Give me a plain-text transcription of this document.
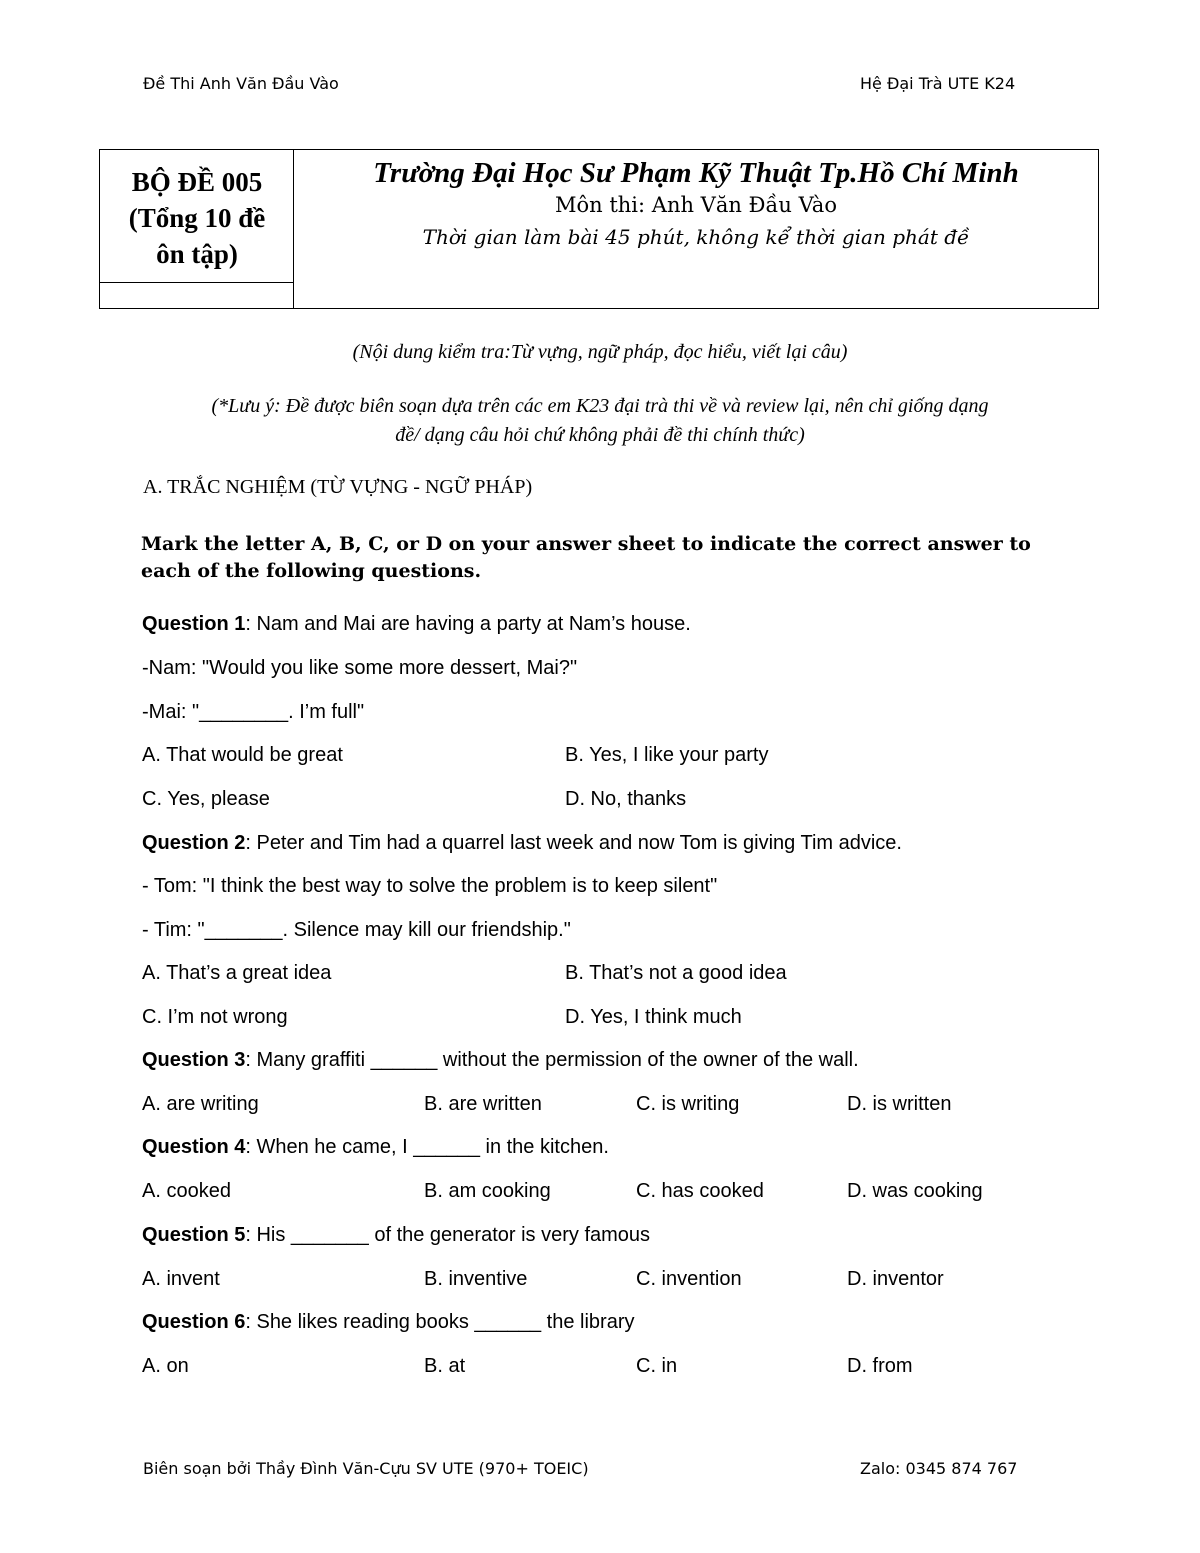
Đề Thi Anh Văn Đầu Vào	Hệ Đại Trà UTE K24
BỘ ĐỀ 005
(Tổng 10 đề
ôn tập)
Trường Đại Học Sư Phạm Kỹ Thuật Tp.Hồ Chí Minh
Môn thi: Anh Văn Đầu Vào
Thời gian làm bài 45 phút, không kể thời gian phát đề
(Nội dung kiểm tra:Từ vựng, ngữ pháp, đọc hiểu, viết lại câu)
(*Lưu ý: Đề được biên soạn dựa trên các em K23 đại trà thi về và review lại, nên chỉ giống dạng
đề/ dạng câu hỏi chứ không phải đề thi chính thức)
A. TRẮC NGHIỆM (TỪ VỰNG - NGỮ PHÁP)
Mark the letter A, B, C, or D on your answer sheet to indicate the correct answer to each of the following questions.
Question 1: Nam and Mai are having a party at Nam’s house.
-Nam: "Would you like some more dessert, Mai?"
-Mai: "________. I’m full"
A. That would be great	B. Yes, I like your party
C. Yes, please	D. No, thanks
Question 2: Peter and Tim had a quarrel last week and now Tom is giving Tim advice.
- Tom: "I think the best way to solve the problem is to keep silent"
- Tim: "_______. Silence may kill our friendship."
A. That’s a great idea	B. That’s not a good idea
C. I’m not wrong	D. Yes, I think much
Question 3: Many graffiti ______ without the permission of the owner of the wall.
A. are writing	B. are written	C. is writing	D. is written
Question 4: When he came, I ______ in the kitchen.
A. cooked	B. am cooking	C. has cooked	D. was cooking
Question 5: His _______ of the generator is very famous
A. invent	B. inventive	C. invention	D. inventor
Question 6: She likes reading books ______ the library
A. on	B. at	C. in	D. from
Biên soạn bởi Thầy Đình Văn-Cựu SV UTE (970+ TOEIC)	Zalo: 0345 874 767
